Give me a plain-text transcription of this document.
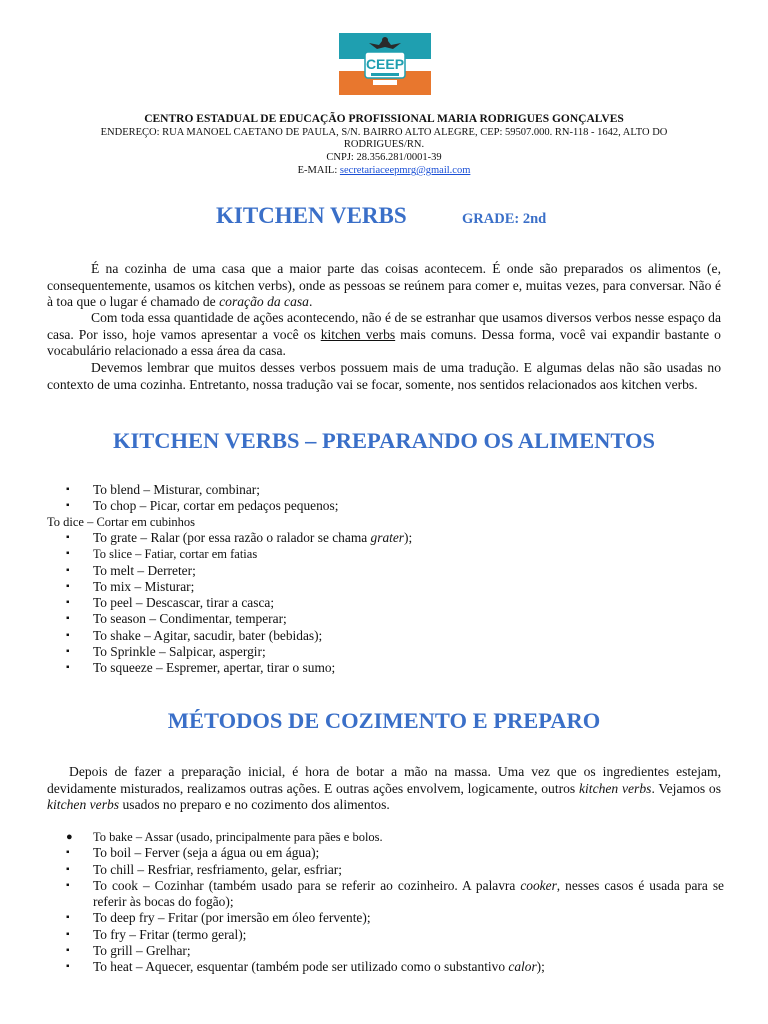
CEEP
CENTRO ESTADUAL DE EDUCAÇÃO PROFISSIONAL MARIA RODRIGUES GONÇALVES
ENDEREÇO: RUA MANOEL CAETANO DE PAULA, S/N. BAIRRO ALTO ALEGRE, CEP: 59507.000. RN-118 - 1642, ALTO DO
RODRIGUES/RN.
CNPJ: 28.356.281/0001-39
E-MAIL: secretariaceepmrg@gmail.com
KITCHEN VERBS	GRADE: 2nd

É na cozinha de uma casa que a maior parte das coisas acontecem. É onde são preparados os alimentos (e, consequentemente, usamos os kitchen verbs), onde as pessoas se reúnem para comer e, muitas vezes, para conversar. Não é à toa que o lugar é chamado de coração da casa.

Com toda essa quantidade de ações acontecendo, não é de se estranhar que usamos diversos verbos nesse espaço da casa. Por isso, hoje vamos apresentar a você os kitchen verbs mais comuns. Dessa forma, você vai expandir bastante o vocabulário relacionado a essa área da casa.

Devemos lembrar que muitos desses verbos possuem mais de uma tradução. E algumas delas não são usadas no contexto de uma cozinha. Entretanto, nossa tradução vai se focar, somente, nos sentidos relacionados aos kitchen verbs.

KITCHEN VERBS – PREPARANDO OS ALIMENTOS
▪ To blend – Misturar, combinar;
▪ To chop – Picar, cortar em pedaços pequenos;
To dice – Cortar em cubinhos
▪ To grate – Ralar (por essa razão o ralador se chama grater);
▪ To slice – Fatiar, cortar em fatias
▪ To melt – Derreter;
▪ To mix – Misturar;
▪ To peel – Descascar, tirar a casca;
▪ To season – Condimentar, temperar;
▪ To shake – Agitar, sacudir, bater (bebidas);
▪ To Sprinkle – Salpicar, aspergir;
▪ To squeeze – Espremer, apertar, tirar o sumo;
MÉTODOS DE COZIMENTO E PREPARO

Depois de fazer a preparação inicial, é hora de botar a mão na massa. Uma vez que os ingredientes estejam, devidamente misturados, realizamos outras ações. E outras ações envolvem, logicamente, outros kitchen verbs. Vejamos os kitchen verbs usados no preparo e no cozimento dos alimentos.

● To bake – Assar (usado, principalmente para pães e bolos.
▪ To boil – Ferver (seja a água ou em água);
▪ To chill – Resfriar, resfriamento, gelar, esfriar;
▪ To cook – Cozinhar (também usado para se referir ao cozinheiro. A palavra cooker, nesses casos é usada para se referir às bocas do fogão);
▪ To deep fry – Fritar (por imersão em óleo fervente);
▪ To fry – Fritar (termo geral);
▪ To grill – Grelhar;
▪ To heat – Aquecer, esquentar (também pode ser utilizado como o substantivo calor);
